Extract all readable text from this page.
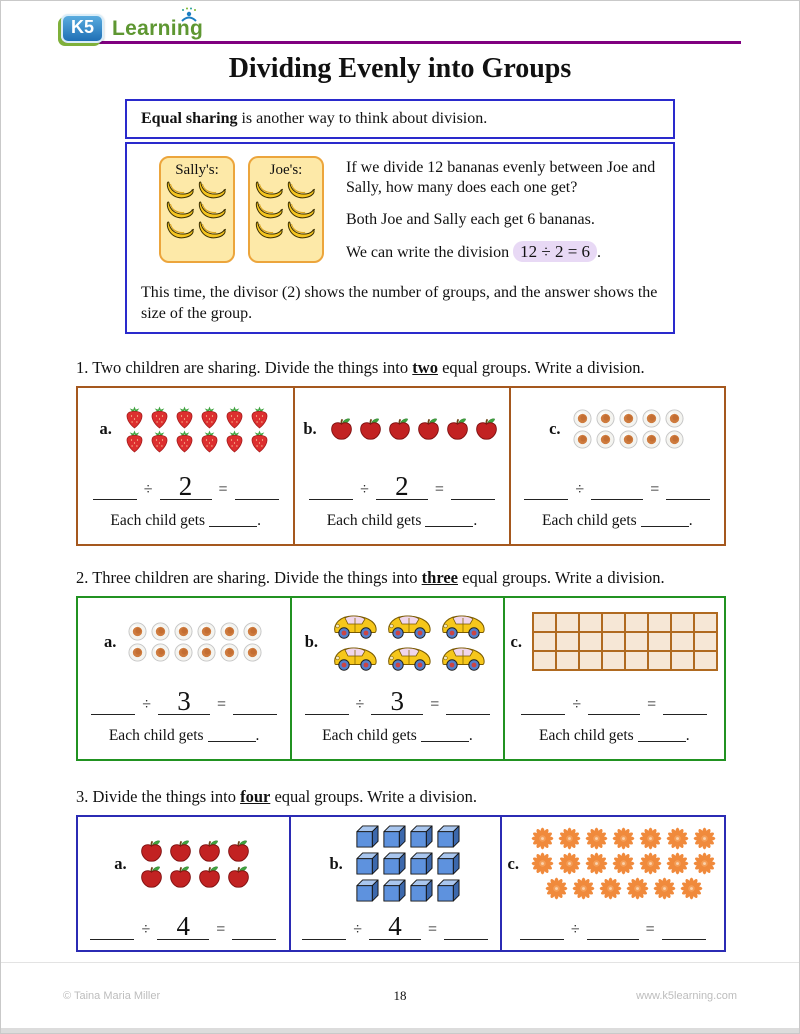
K5 Learning
Dividing Evenly into Groups

Equal sharing is another way to think about division.

Sally's:	Joe's:	If we divide 12 bananas evenly between Joe and Sally, how many does each one get?

Both Joe and Sally each get 6 bananas.

We can write the division 12 ÷ 2 = 6 .

This time, the divisor (2) shows the number of groups, and the answer shows the size of the group.

1. Two children are sharing. Divide the things into two equal groups. Write a division.

a.
÷ 2 =
Each child gets	.
b.
÷ 2 =
Each child gets	.
c.
÷	=
Each child gets	.

2. Three children are sharing. Divide the things into three equal groups. Write a division.

a.
÷ 3 =
Each child gets	.
b.
÷ 3 =
Each child gets	.
c.
÷	=
Each child gets	.

3. Divide the things into four equal groups. Write a division.

a.
÷ 4 =
b.
÷ 4 =
c.
÷	=
© Taina Maria Miller	18	www.k5learning.com
